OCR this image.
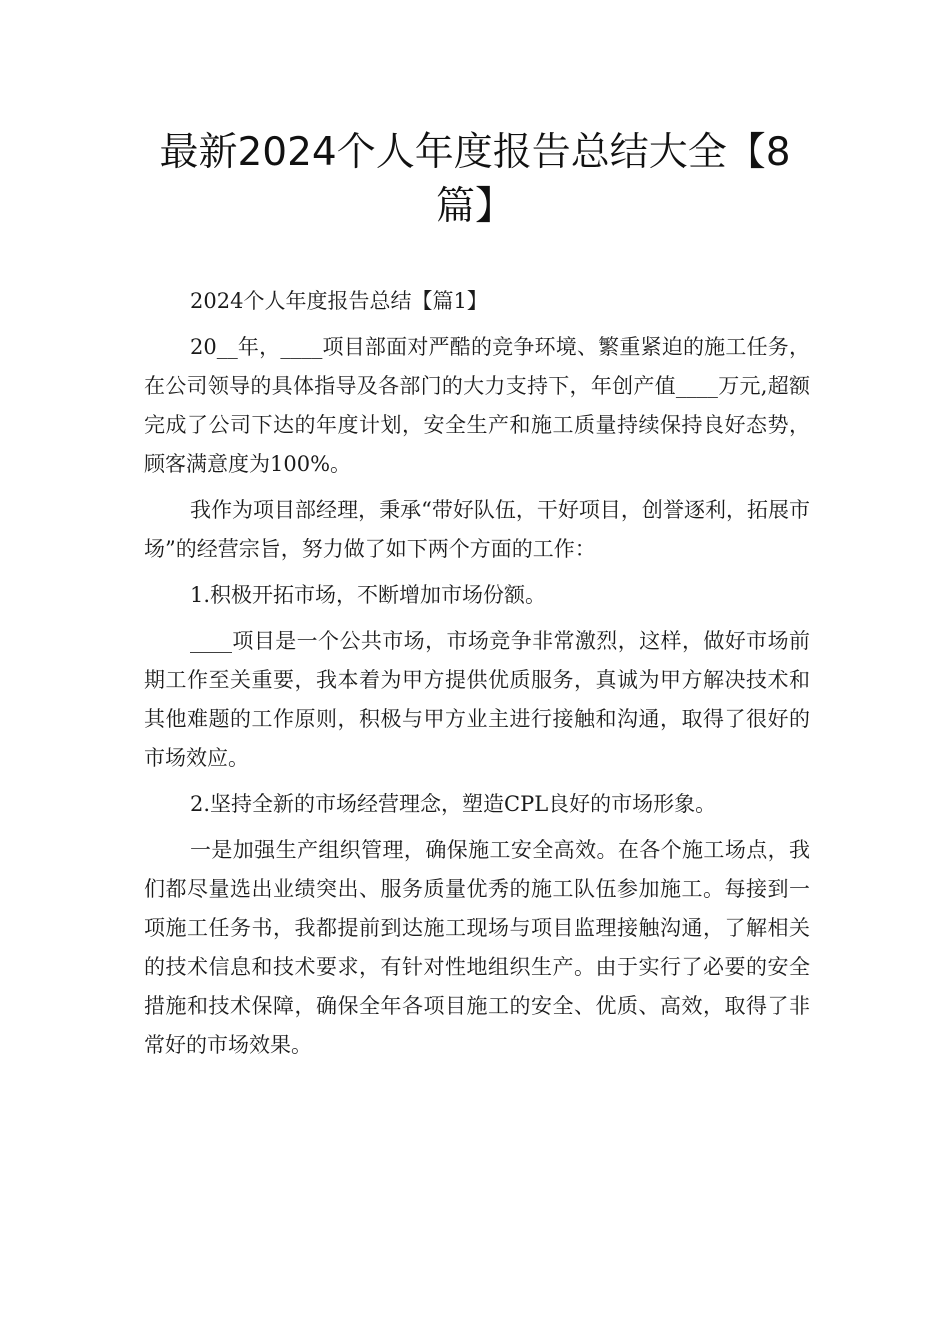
最新2024个人年度报告总结大全【8
篇】

2024个人年度报告总结【篇1】

20__年，____项目部面对严酷的竞争环境、繁重紧迫的施工任务，在公司领导的具体指导及各部门的大力支持下，年创产值____万元,超额完成了公司下达的年度计划，安全生产和施工质量持续保持良好态势，顾客满意度为100%。

我作为项目部经理，秉承“带好队伍，干好项目，创誉逐利，拓展市场”的经营宗旨，努力做了如下两个方面的工作：

1.积极开拓市场，不断增加市场份额。

____项目是一个公共市场，市场竞争非常激烈，这样，做好市场前期工作至关重要，我本着为甲方提供优质服务，真诚为甲方解决技术和其他难题的工作原则，积极与甲方业主进行接触和沟通，取得了很好的市场效应。

2.坚持全新的市场经营理念，塑造CPL良好的市场形象。

一是加强生产组织管理，确保施工安全高效。在各个施工场点，我们都尽量选出业绩突出、服务质量优秀的施工队伍参加施工。每接到一项施工任务书，我都提前到达施工现场与项目监理接触沟通，了解相关的技术信息和技术要求，有针对性地组织生产。由于实行了必要的安全措施和技术保障，确保全年各项目施工的安全、优质、高效，取得了非常好的市场效果。
